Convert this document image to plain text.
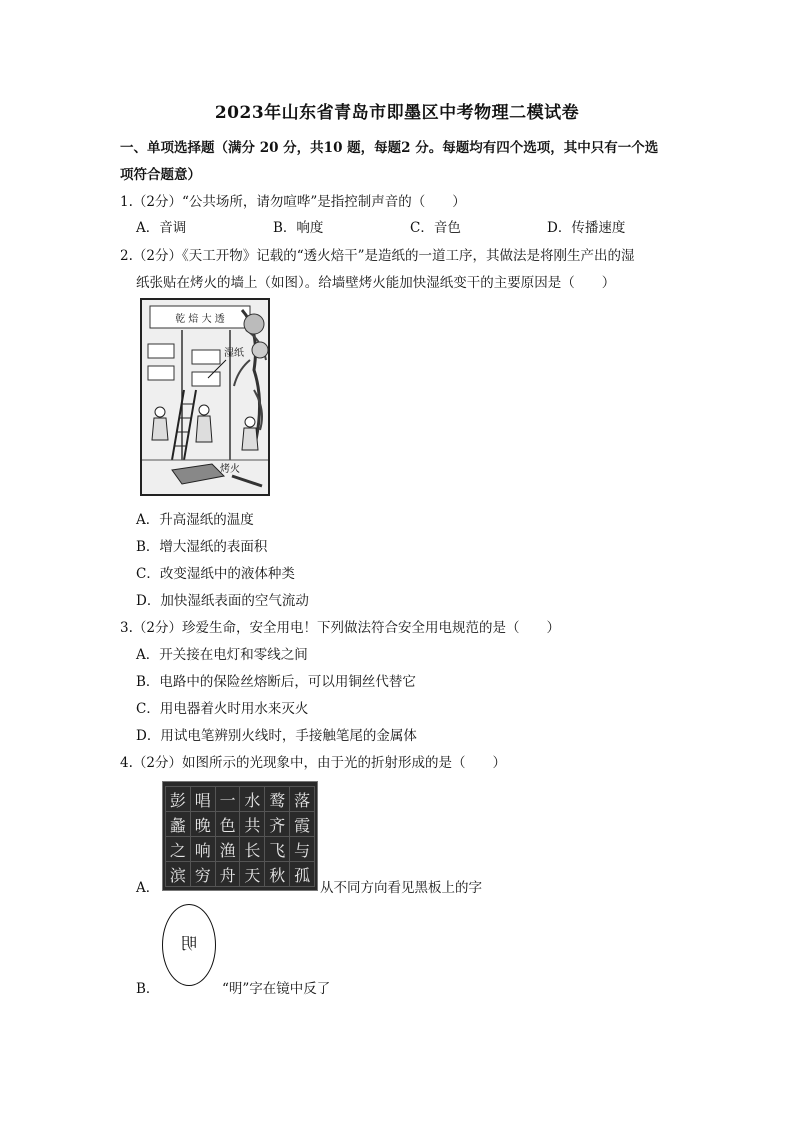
2023年山东省青岛市即墨区中考物理二模试卷
一、单项选择题（满分 20 分，共10 题，每题2 分。每题均有四个选项，其中只有一个选
项符合题意）
1.（2分）“公共场所，请勿喧哗”是指控制声音的（　　）
A．音调	B．响度	C．音色	D．传播速度
2.（2分）《天工开物》记载的“透火焙干”是造纸的一道工序，其做法是将刚生产出的湿
纸张贴在烤火的墙上（如图）。给墙壁烤火能加快湿纸变干的主要原因是（　　）
乾 焙 大 透
湿纸
烤火
A．升高湿纸的温度
B．增大湿纸的表面积
C．改变湿纸中的液体种类
D．加快湿纸表面的空气流动
3.（2分）珍爱生命，安全用电！下列做法符合安全用电规范的是（　　）
A．开关接在电灯和零线之间
B．电路中的保险丝熔断后，可以用铜丝代替它
C．用电器着火时用水来灭火
D．用试电笔辨别火线时，手接触笔尾的金属体
4.（2分）如图所示的光现象中，由于光的折射形成的是（　　）
彭	唱	一	水	鹜	落
蠡	晚	色	共	齐	霞
之	响	渔	长	飞	与
滨	穷	舟	天	秋	孤
A．	从不同方向看见黑板上的字
明
B．	“明”字在镜中反了
